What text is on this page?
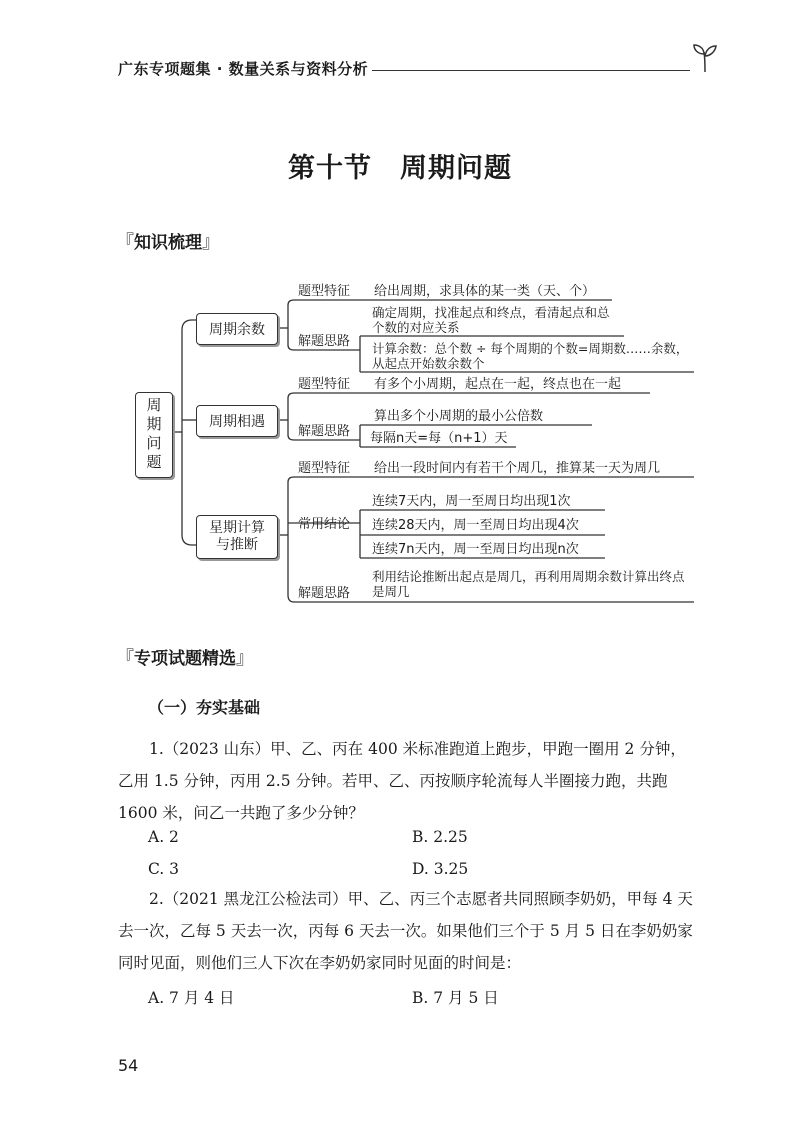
广东专项题集 · 数量关系与资料分析
第十节　周期问题
『知识梳理』
周期问题
周期余数
周期相遇
星期计算与推断
题型特征 给出周期，求具体的某一类（天、个）
解题思路
确定周期，找准起点和终点，看清起点和总个数的对应关系
计算余数：总个数 ÷ 每个周期的个数=周期数……余数，从起点开始数余数个
题型特征 有多个小周期，起点在一起，终点也在一起
解题思路
算出多个小周期的最小公倍数
每隔n天=每（n+1）天
题型特征 给出一段时间内有若干个周几，推算某一天为周几
常用结论
连续7天内，周一至周日均出现1次
连续28天内，周一至周日均出现4次
连续7n天内，周一至周日均出现n次
解题思路
利用结论推断出起点是周几，再利用周期余数计算出终点是周几
『专项试题精选』
（一）夯实基础
1.（2023 山东）甲、乙、丙在 400 米标准跑道上跑步，甲跑一圈用 2 分钟，乙用 1.5 分钟，丙用 2.5 分钟。若甲、乙、丙按顺序轮流每人半圈接力跑，共跑 1600 米，问乙一共跑了多少分钟？
A. 2	B. 2.25
C. 3	D. 3.25
2.（2021 黑龙江公检法司）甲、乙、丙三个志愿者共同照顾李奶奶，甲每 4 天去一次，乙每 5 天去一次，丙每 6 天去一次。如果他们三个于 5 月 5 日在李奶奶家同时见面，则他们三人下次在李奶奶家同时见面的时间是：
A. 7 月 4 日	B. 7 月 5 日
54
